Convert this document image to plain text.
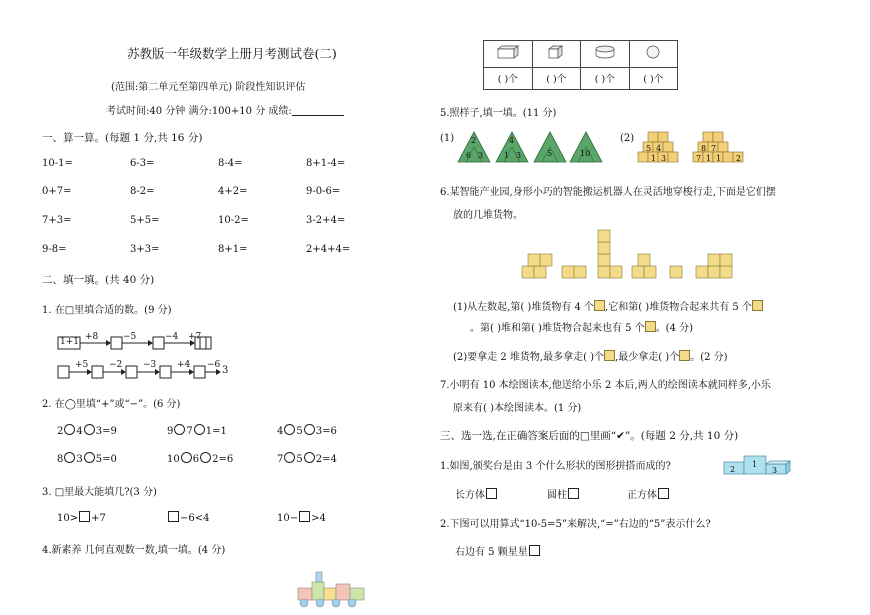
苏教版一年级数学上册月考测试卷(二)
(范围:第二单元至第四单元) 阶段性知识评估
考试时间:40 分钟 满分:100+10 分 成绩:
一、算一算。(每题 1 分,共 16 分)
10-1=	6-3=	8-4=	8+1-4=
0+7=	8-2=	4+2=	9-0-6=
7+3=	5+5=	10-2=	3-2+4=
9-8=	3+3=	8+1=	2+4+4=
二、填一填。(共 40 分)
1. 在□里填合适的数。(9 分)
1+1 +8	−5	−4 +7
+5 −2 −3 +4 −6 3
2. 在◯里填“+”或“−”。(6 分)
2 4 3=9	9 7 1=1	4 5 3=6
8 3 5=0	10 6 2=6	7 5 2=4
3. □里最大能填几?(3 分)
10> +7	−6<4	10− >4
4.新素养 几何直观数一数,填一填。(4 分)

( )个	( )个	( )个	( )个
5.照样子,填一填。(11 分)
(1) 2
6 3
4
1 3	5	10
(2)
5 4
1 3
8 7
7 1 1 2
6.某智能产业园,身形小巧的智能搬运机器人在灵活地穿梭行走,下面是它们摆
放的几堆货物。
(1)从左数起,第( )堆货物有 4 个 ,它和第( )堆货物合起来共有 5 个
。第( )堆和第( )堆货物合起来也有 5 个 。(4 分)
(2)要拿走 2 堆货物,最多拿走( )个 ,最少拿走( )个 。(2 分)
7.小明有 10 本绘图读本,他送给小乐 2 本后,两人的绘图读本就同样多,小乐
原来有( )本绘图读本。(1 分)
三、选一选,在正确答案后面的□里画“✔”。(每题 2 分,共 10 分)
1.如图,颁奖台是由 3 个什么形状的图形拼搭而成的?	2
1
3
长方体	圆柱	正方体
2.下图可以用算式“10-5=5”来解决,“=”右边的“5”表示什么?
右边有 5 颗星星
